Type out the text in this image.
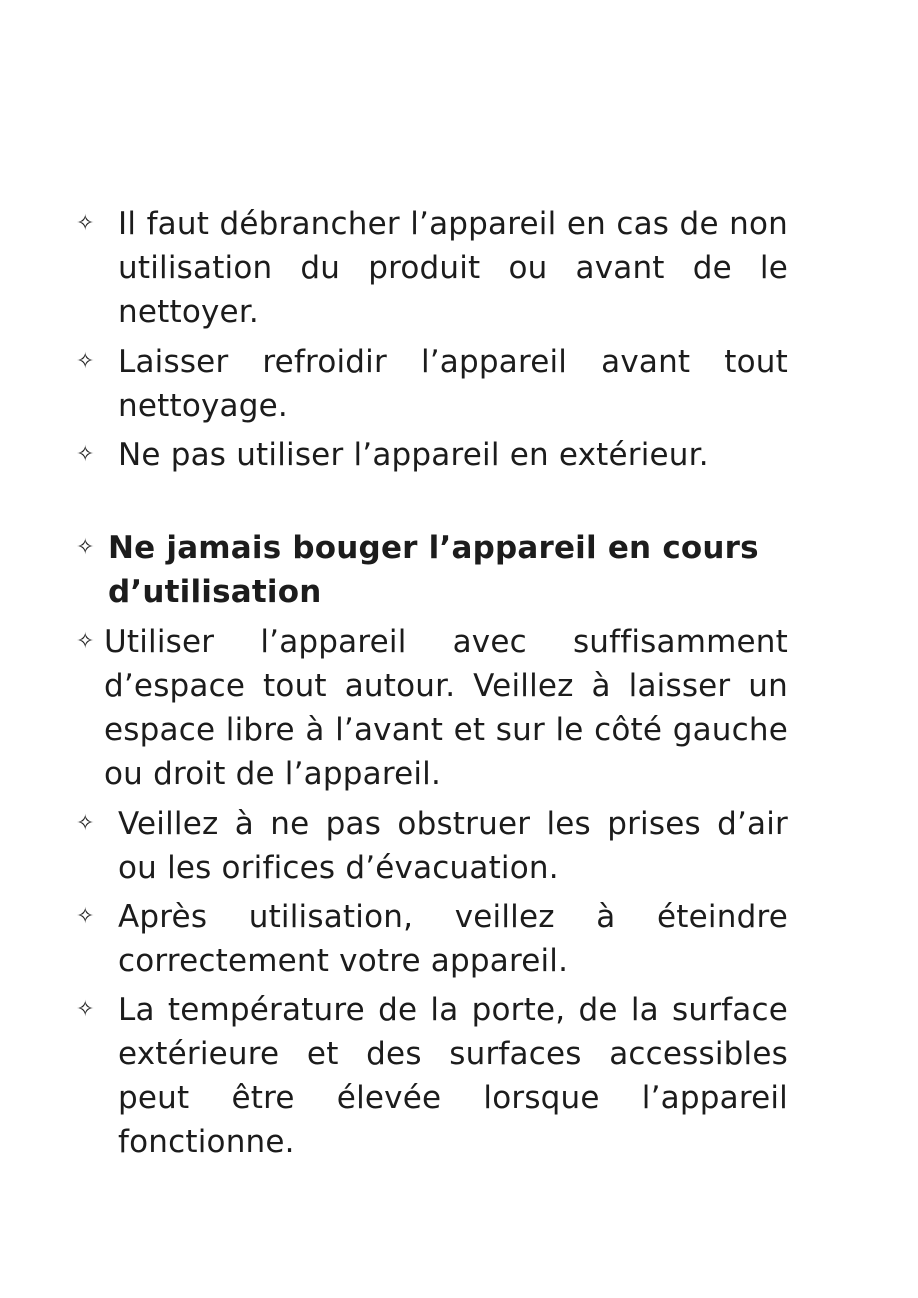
✧ Il faut débrancher l’appareil en cas de non utilisation du produit ou avant de le nettoyer.
✧ Laisser refroidir l’appareil avant tout nettoyage.
✧ Ne pas utiliser l’appareil en extérieur.
✧ Ne jamais bouger l’appareil en cours d’utilisation
✧ Utiliser l’appareil avec suffisamment d’espace tout autour. Veillez à laisser un espace libre à l’avant et sur le côté gauche ou droit de l’appareil.
✧ Veillez à ne pas obstruer les prises d’air ou les orifices d’évacuation.
✧ Après utilisation, veillez à éteindre correctement votre appareil.
✧ La température de la porte, de la surface extérieure et des surfaces accessibles peut être élevée lorsque l’appareil fonctionne.
